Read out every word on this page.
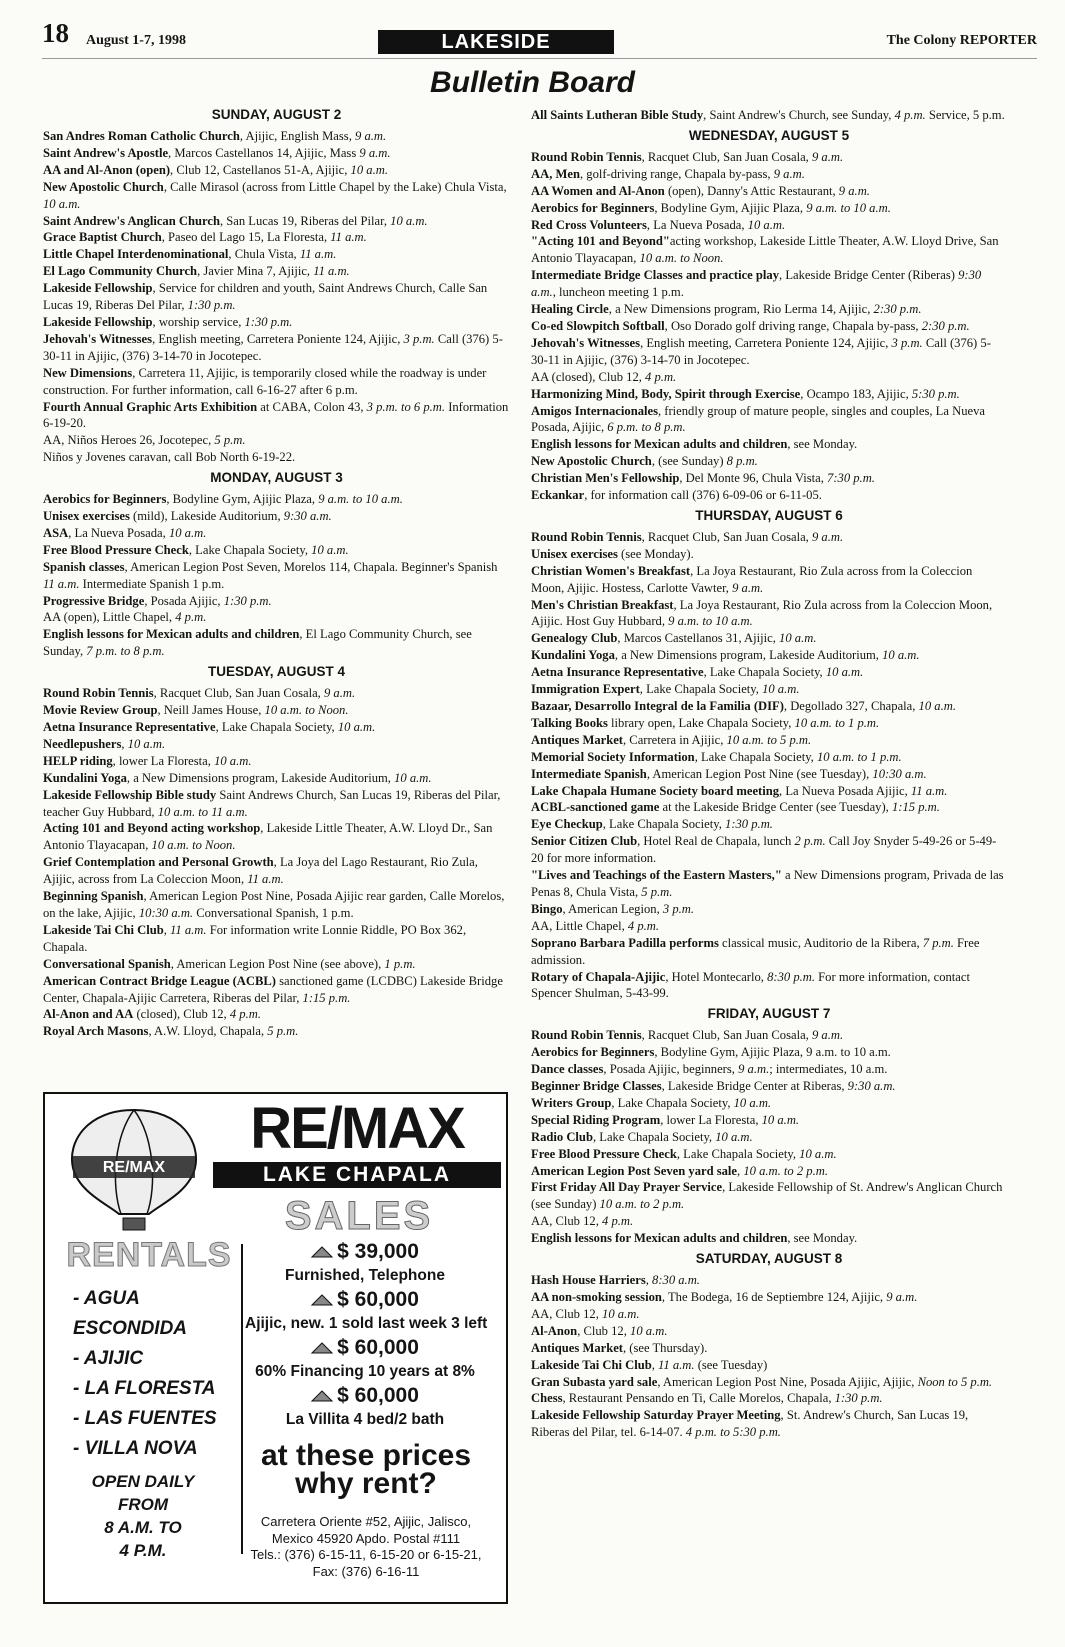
18 August 1-7, 1998	LAKESIDE	The Colony REPORTER
Bulletin Board
SUNDAY, AUGUST 2

San Andres Roman Catholic Church, Ajijic, English Mass, 9 a.m.

Saint Andrew's Apostle, Marcos Castellanos 14, Ajijic, Mass 9 a.m.

AA and Al-Anon (open), Club 12, Castellanos 51-A, Ajijic, 10 a.m.

New Apostolic Church, Calle Mirasol (across from Little Chapel by the Lake) Chula Vista, 10 a.m.

Saint Andrew's Anglican Church, San Lucas 19, Riberas del Pilar, 10 a.m.

Grace Baptist Church, Paseo del Lago 15, La Floresta, 11 a.m.

Little Chapel Interdenominational, Chula Vista, 11 a.m.

El Lago Community Church, Javier Mina 7, Ajijic, 11 a.m.

Lakeside Fellowship, Service for children and youth, Saint Andrews Church, Calle San Lucas 19, Riberas Del Pilar, 1:30 p.m.

Lakeside Fellowship, worship service, 1:30 p.m.

Jehovah's Witnesses, English meeting, Carretera Poniente 124, Ajijic, 3 p.m. Call (376) 5-30-11 in Ajijic, (376) 3-14-70 in Jocotepec.

New Dimensions, Carretera 11, Ajijic, is temporarily closed while the roadway is under construction. For further information, call 6-16-27 after 6 p.m.

Fourth Annual Graphic Arts Exhibition at CABA, Colon 43, 3 p.m. to 6 p.m. Information 6-19-20.

AA, Niños Heroes 26, Jocotepec, 5 p.m.

Niños y Jovenes caravan, call Bob North 6-19-22.

MONDAY, AUGUST 3

Aerobics for Beginners, Bodyline Gym, Ajijic Plaza, 9 a.m. to 10 a.m.

Unisex exercises (mild), Lakeside Auditorium, 9:30 a.m.

ASA, La Nueva Posada, 10 a.m.

Free Blood Pressure Check, Lake Chapala Society, 10 a.m.

Spanish classes, American Legion Post Seven, Morelos 114, Chapala. Beginner's Spanish 11 a.m. Intermediate Spanish 1 p.m.

Progressive Bridge, Posada Ajijic, 1:30 p.m.

AA (open), Little Chapel, 4 p.m.

English lessons for Mexican adults and children, El Lago Community Church, see Sunday, 7 p.m. to 8 p.m.

TUESDAY, AUGUST 4

Round Robin Tennis, Racquet Club, San Juan Cosala, 9 a.m.

Movie Review Group, Neill James House, 10 a.m. to Noon.

Aetna Insurance Representative, Lake Chapala Society, 10 a.m.

Needlepushers, 10 a.m.

HELP riding, lower La Floresta, 10 a.m.

Kundalini Yoga, a New Dimensions program, Lakeside Auditorium, 10 a.m.

Lakeside Fellowship Bible study Saint Andrews Church, San Lucas 19, Riberas del Pilar, teacher Guy Hubbard, 10 a.m. to 11 a.m.

Acting 101 and Beyond acting workshop, Lakeside Little Theater, A.W. Lloyd Dr., San Antonio Tlayacapan, 10 a.m. to Noon.

Grief Contemplation and Personal Growth, La Joya del Lago Restaurant, Rio Zula, Ajijic, across from La Coleccion Moon, 11 a.m.

Beginning Spanish, American Legion Post Nine, Posada Ajijic rear garden, Calle Morelos, on the lake, Ajijic, 10:30 a.m. Conversational Spanish, 1 p.m.

Lakeside Tai Chi Club, 11 a.m. For information write Lonnie Riddle, PO Box 362, Chapala.

Conversational Spanish, American Legion Post Nine (see above), 1 p.m.

American Contract Bridge League (ACBL) sanctioned game (LCDBC) Lakeside Bridge Center, Chapala-Ajijic Carretera, Riberas del Pilar, 1:15 p.m.

Al-Anon and AA (closed), Club 12, 4 p.m.

Royal Arch Masons, A.W. Lloyd, Chapala, 5 p.m.

All Saints Lutheran Bible Study, Saint Andrew's Church, see Sunday, 4 p.m. Service, 5 p.m.

WEDNESDAY, AUGUST 5

Round Robin Tennis, Racquet Club, San Juan Cosala, 9 a.m.

AA, Men, golf-driving range, Chapala by-pass, 9 a.m.

AA Women and Al-Anon (open), Danny's Attic Restaurant, 9 a.m.

Aerobics for Beginners, Bodyline Gym, Ajijic Plaza, 9 a.m. to 10 a.m.

Red Cross Volunteers, La Nueva Posada, 10 a.m.

"Acting 101 and Beyond"acting workshop, Lakeside Little Theater, A.W. Lloyd Drive, San Antonio Tlayacapan, 10 a.m. to Noon.

Intermediate Bridge Classes and practice play, Lakeside Bridge Center (Riberas) 9:30 a.m., luncheon meeting 1 p.m.

Healing Circle, a New Dimensions program, Rio Lerma 14, Ajijic, 2:30 p.m.

Co-ed Slowpitch Softball, Oso Dorado golf driving range, Chapala by-pass, 2:30 p.m.

Jehovah's Witnesses, English meeting, Carretera Poniente 124, Ajijic, 3 p.m. Call (376) 5-30-11 in Ajijic, (376) 3-14-70 in Jocotepec.

AA (closed), Club 12, 4 p.m.

Harmonizing Mind, Body, Spirit through Exercise, Ocampo 183, Ajijic, 5:30 p.m.

Amigos Internacionales, friendly group of mature people, singles and couples, La Nueva Posada, Ajijic, 6 p.m. to 8 p.m.

English lessons for Mexican adults and children, see Monday.

New Apostolic Church, (see Sunday) 8 p.m.

Christian Men's Fellowship, Del Monte 96, Chula Vista, 7:30 p.m.

Eckankar, for information call (376) 6-09-06 or 6-11-05.

THURSDAY, AUGUST 6

Round Robin Tennis, Racquet Club, San Juan Cosala, 9 a.m.

Unisex exercises (see Monday).

Christian Women's Breakfast, La Joya Restaurant, Rio Zula across from la Coleccion Moon, Ajijic. Hostess, Carlotte Vawter, 9 a.m.

Men's Christian Breakfast, La Joya Restaurant, Rio Zula across from la Coleccion Moon, Ajijic. Host Guy Hubbard, 9 a.m. to 10 a.m.

Genealogy Club, Marcos Castellanos 31, Ajijic, 10 a.m.

Kundalini Yoga, a New Dimensions program, Lakeside Auditorium, 10 a.m.

Aetna Insurance Representative, Lake Chapala Society, 10 a.m.

Immigration Expert, Lake Chapala Society, 10 a.m.

Bazaar, Desarrollo Integral de la Familia (DIF), Degollado 327, Chapala, 10 a.m.

Talking Books library open, Lake Chapala Society, 10 a.m. to 1 p.m.

Antiques Market, Carretera in Ajijic, 10 a.m. to 5 p.m.

Memorial Society Information, Lake Chapala Society, 10 a.m. to 1 p.m.

Intermediate Spanish, American Legion Post Nine (see Tuesday), 10:30 a.m.

Lake Chapala Humane Society board meeting, La Nueva Posada Ajijic, 11 a.m.

ACBL-sanctioned game at the Lakeside Bridge Center (see Tuesday), 1:15 p.m.

Eye Checkup, Lake Chapala Society, 1:30 p.m.

Senior Citizen Club, Hotel Real de Chapala, lunch 2 p.m. Call Joy Snyder 5-49-26 or 5-49-20 for more information.

"Lives and Teachings of the Eastern Masters," a New Dimensions program, Privada de las Penas 8, Chula Vista, 5 p.m.

Bingo, American Legion, 3 p.m.

AA, Little Chapel, 4 p.m.

Soprano Barbara Padilla performs classical music, Auditorio de la Ribera, 7 p.m. Free admission.

Rotary of Chapala-Ajijic, Hotel Montecarlo, 8:30 p.m. For more information, contact Spencer Shulman, 5-43-99.

FRIDAY, AUGUST 7

Round Robin Tennis, Racquet Club, San Juan Cosala, 9 a.m.

Aerobics for Beginners, Bodyline Gym, Ajijic Plaza, 9 a.m. to 10 a.m.

Dance classes, Posada Ajijic, beginners, 9 a.m.; intermediates, 10 a.m.

Beginner Bridge Classes, Lakeside Bridge Center at Riberas, 9:30 a.m.

Writers Group, Lake Chapala Society, 10 a.m.

Special Riding Program, lower La Floresta, 10 a.m.

Radio Club, Lake Chapala Society, 10 a.m.

Free Blood Pressure Check, Lake Chapala Society, 10 a.m.

American Legion Post Seven yard sale, 10 a.m. to 2 p.m.

First Friday All Day Prayer Service, Lakeside Fellowship of St. Andrew's Anglican Church (see Sunday) 10 a.m. to 2 p.m.

AA, Club 12, 4 p.m.

English lessons for Mexican adults and children, see Monday.

SATURDAY, AUGUST 8

Hash House Harriers, 8:30 a.m.

AA non-smoking session, The Bodega, 16 de Septiembre 124, Ajijic, 9 a.m.

AA, Club 12, 10 a.m.

Al-Anon, Club 12, 10 a.m.

Antiques Market, (see Thursday).

Lakeside Tai Chi Club, 11 a.m. (see Tuesday)

Gran Subasta yard sale, American Legion Post Nine, Posada Ajijic, Ajijic, Noon to 5 p.m.

Chess, Restaurant Pensando en Ti, Calle Morelos, Chapala, 1:30 p.m.

Lakeside Fellowship Saturday Prayer Meeting, St. Andrew's Church, San Lucas 19, Riberas del Pilar, tel. 6-14-07. 4 p.m. to 5:30 p.m.

RE/MAX
RE/MAX
LAKE CHAPALA
SALES
RENTALS
- AGUA ESCONDIDA
- AJIJIC
- LA FLORESTA
- LAS FUENTES
- VILLA NOVA
OPEN DAILY
FROM
8 A.M. TO
4 P.M.
$ 39,000
Furnished, Telephone
$ 60,000
Ajijic, new. 1 sold last week 3 left
$ 60,000
60% Financing 10 years at 8%
$ 60,000
La Villita 4 bed/2 bath
at these prices
why rent?
Carretera Oriente #52, Ajijic, Jalisco,
Mexico 45920 Apdo. Postal #111
Tels.: (376) 6-15-11, 6-15-20 or 6-15-21,
Fax: (376) 6-16-11
